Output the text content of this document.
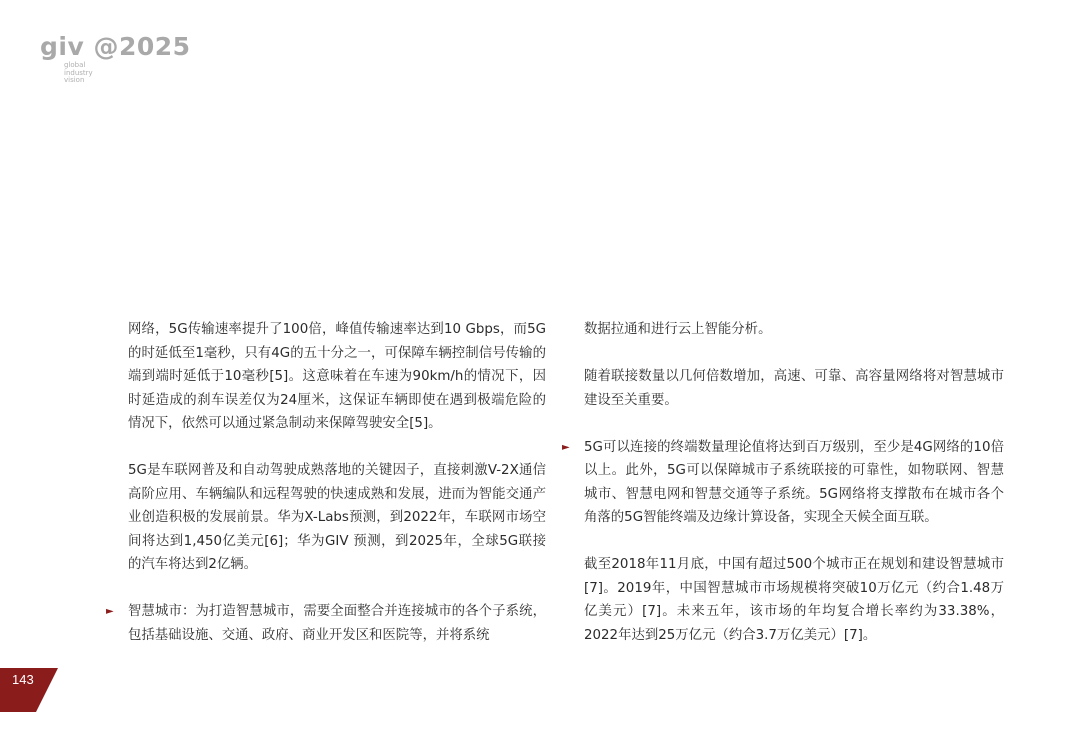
giv @2025
global
industry
vision

网络，5G传输速率提升了100倍，峰值传输速率达到10 Gbps，而5G的时延低至1毫秒，只有4G的五十分之一，可保障车辆控制信号传输的端到端时延低于10毫秒[5]。这意味着在车速为90km/h的情况下，因时延造成的刹车误差仅为24厘米，这保证车辆即使在遇到极端危险的情况下，依然可以通过紧急制动来保障驾驶安全[5]。

5G是车联网普及和自动驾驶成熟落地的关键因子，直接刺激V-2X通信高阶应用、车辆编队和远程驾驶的快速成熟和发展，进而为智能交通产业创造积极的发展前景。华为X-Labs预测，到2022年，车联网市场空间将达到1,450亿美元[6]；华为GIV 预测，到2025年，全球5G联接的汽车将达到2亿辆。

► 智慧城市：为打造智慧城市，需要全面整合并连接城市的各个子系统，包括基础设施、交通、政府、商业开发区和医院等，并将系统

数据拉通和进行云上智能分析。

随着联接数量以几何倍数增加，高速、可靠、高容量网络将对智慧城市建设至关重要。

► 5G可以连接的终端数量理论值将达到百万级别，至少是4G网络的10倍以上。此外，5G可以保障城市子系统联接的可靠性，如物联网、智慧城市、智慧电网和智慧交通等子系统。5G网络将支撑散布在城市各个角落的5G智能终端及边缘计算设备，实现全天候全面互联。

截至2018年11月底，中国有超过500个城市正在规划和建设智慧城市[7]。2019年，中国智慧城市市场规模将突破10万亿元（约合1.48万亿美元）[7]。未来五年，该市场的年均复合增长率约为33.38%，2022年达到25万亿元（约合3.7万亿美元）[7]。

143
